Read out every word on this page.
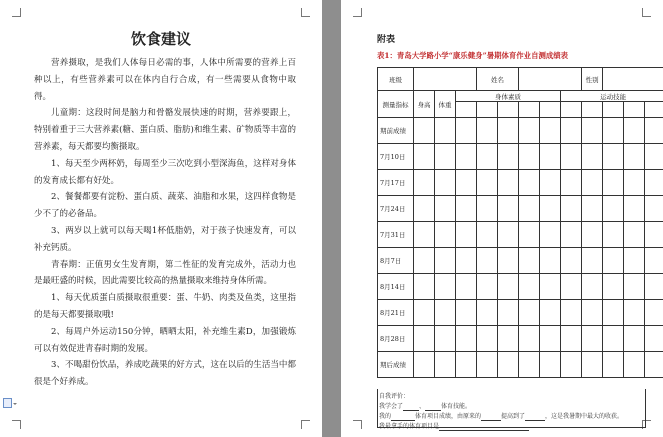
饮食建议

营养摄取，是我们人体每日必需的事，人体中所需要的营养上百种以上，有些营养素可以在体内自行合成，有一些需要从食物中取得。

儿童期：这段时间是脑力和骨骼发展快速的时期，营养要跟上，特别着重于三大营养素(糖、蛋白质、脂肪)和维生素、矿物质等丰富的营养素，每天都要均衡摄取。

1、每天至少两杯奶，每周至少三次吃到小型深海鱼，这样对身体的发育成长都有好处。

2、餐餐都要有淀粉、蛋白质、蔬菜、油脂和水果，这四样食物是少不了的必备品。

3、两岁以上就可以每天喝1杯低脂奶，对于孩子快速发育，可以补充钙质。

青春期：正值男女生发育期，第二性征的发育完成外，活动力也是最旺盛的时候，因此需要比较高的热量摄取来维持身体所需。

1、每天优质蛋白质摄取很重要：蛋、牛奶、肉类及鱼类，这里指的是每天都要摄取哦!

2、每周户外运动150分钟，晒晒太阳，补充维生素D，加强锻炼可以有效促进青春时期的发展。

3、不喝甜份饮品，养成吃蔬果的好方式，这在以后的生活当中都很是个好养成。

附表
表1：青岛大学路小学“康乐健身”暑期体育作业自测成绩表
班级				姓名					性别			
测量指标	身高	体重	身体素质					运动技能				

期前成绩												
7月10日												
7月17日												
7月24日												
7月31日												
8月7日												
8月14日												
8月21日												
8月28日												
期后成绩												
自我评价：
我学会了	、	体育技能。
我的	体育项目成绩，由原来的	提高到了	，这是我暑期中最大的收获。
我最拿手的体育项目是
